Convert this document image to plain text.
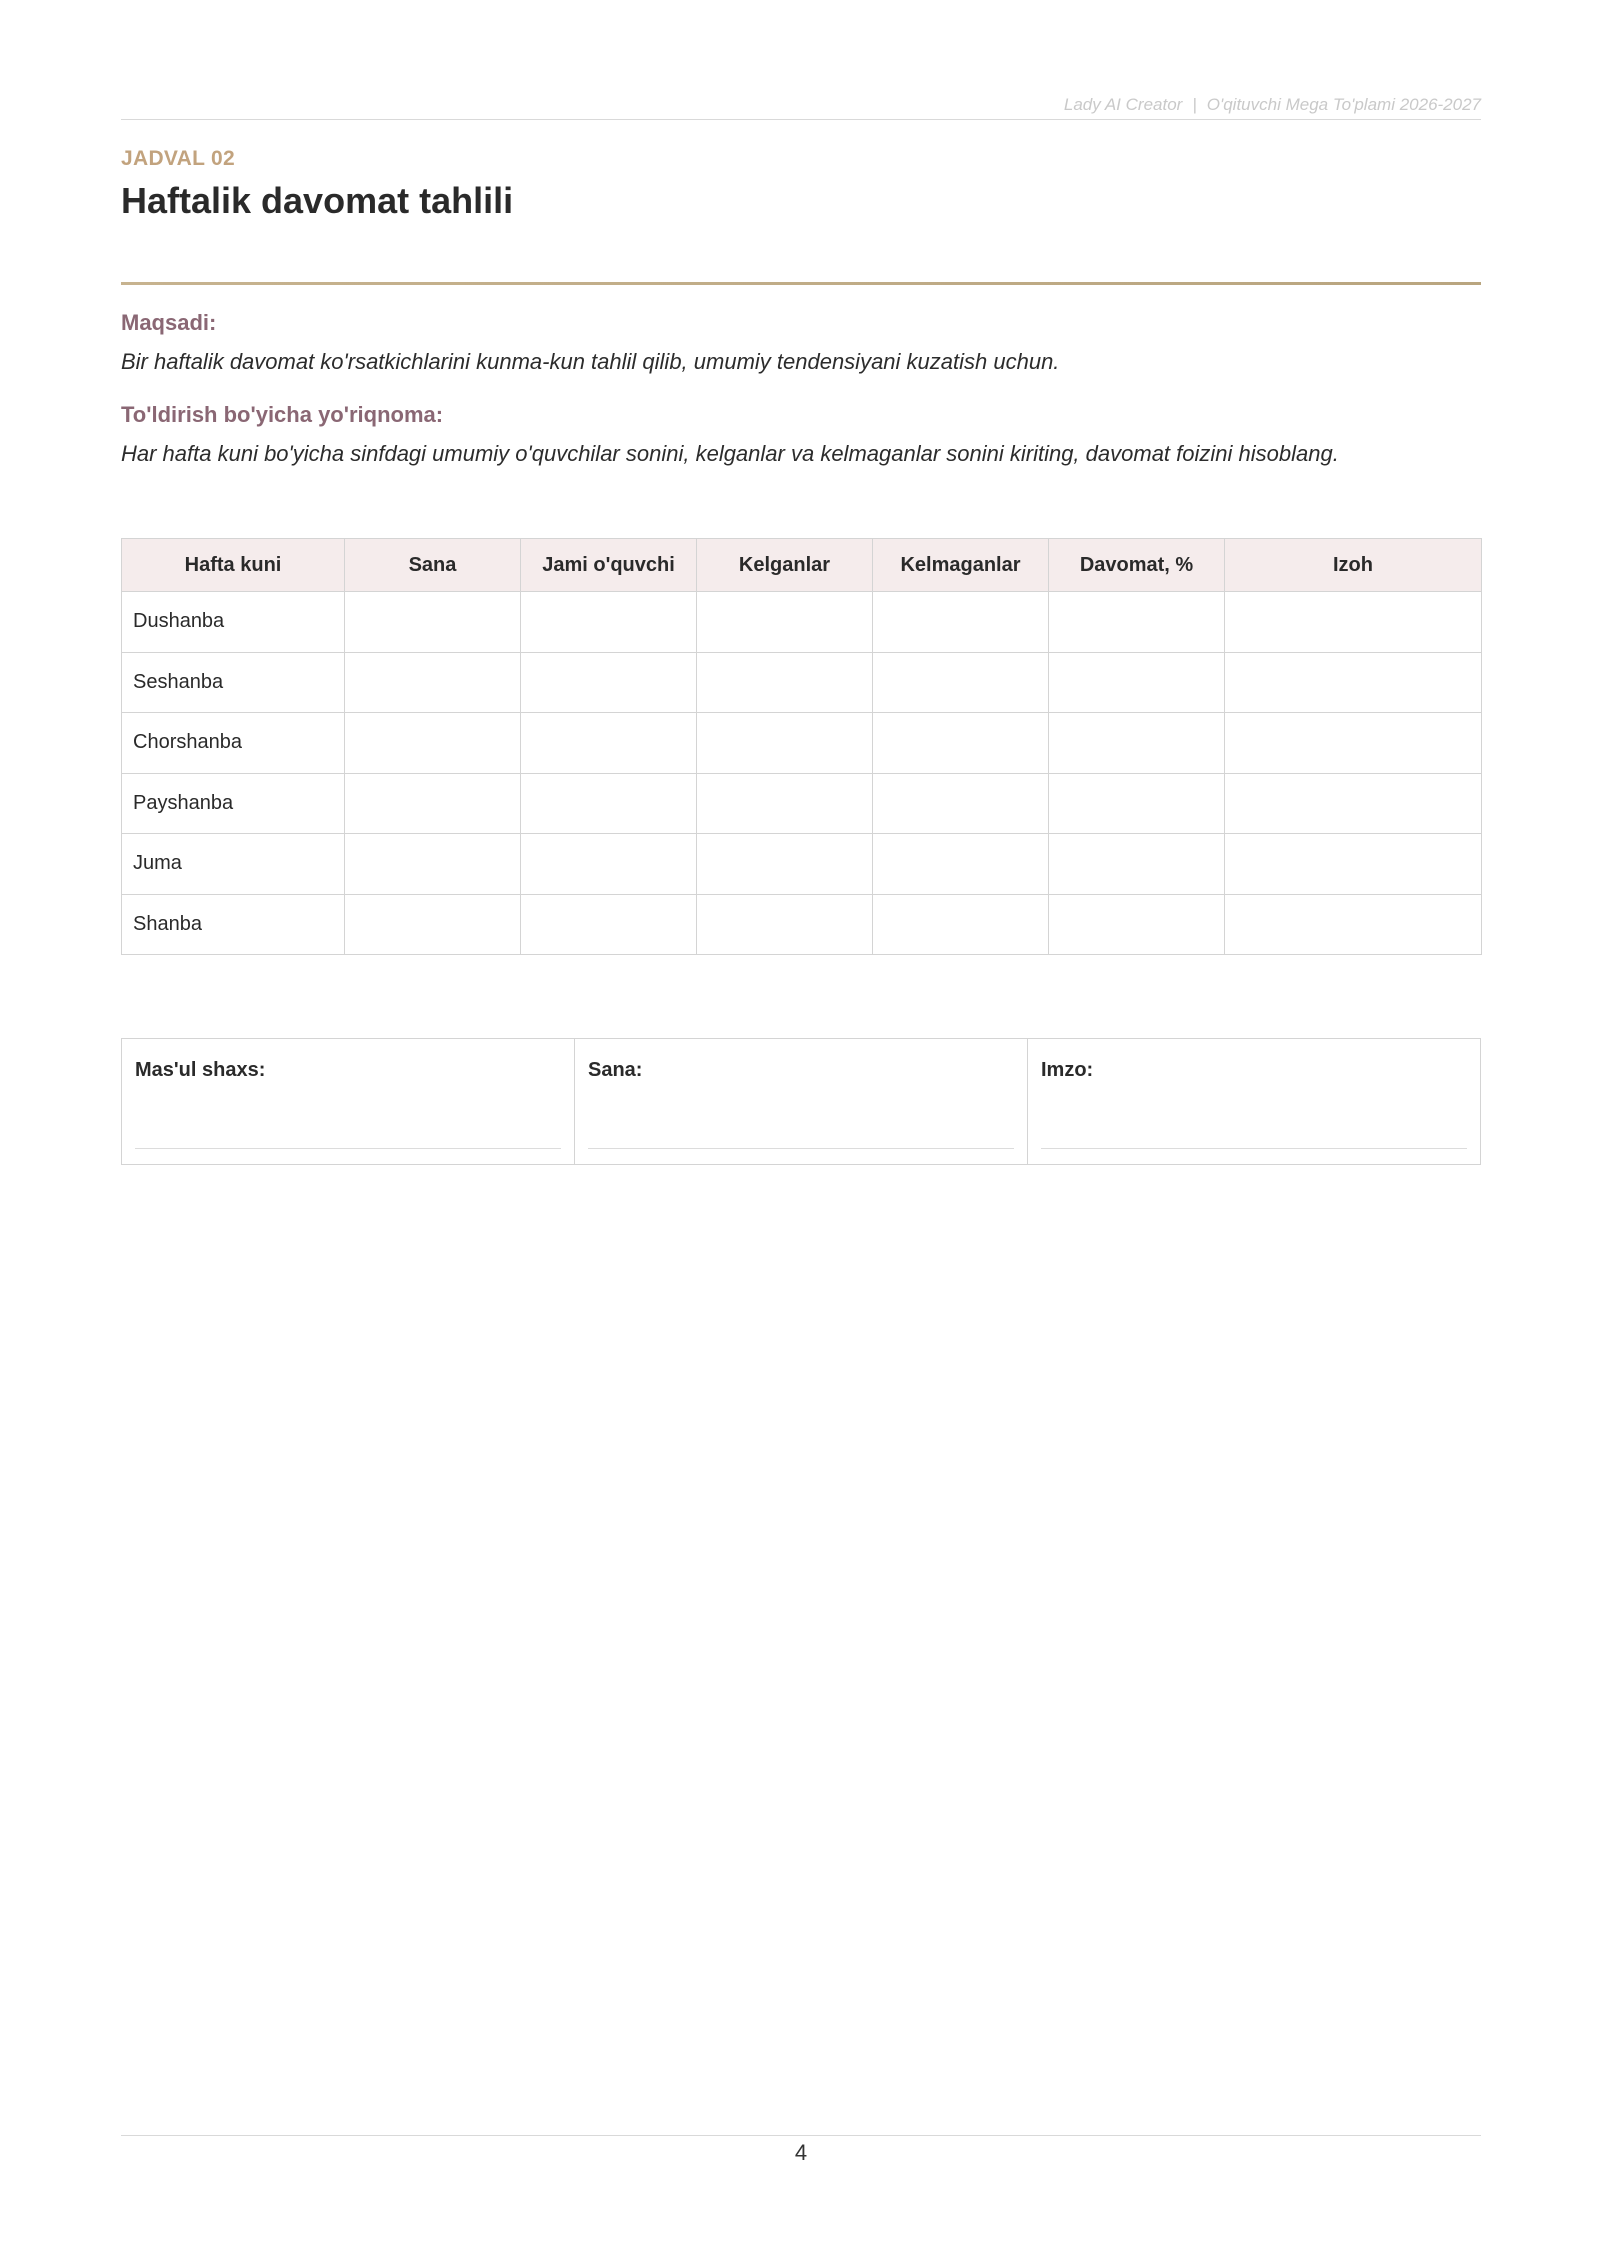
Lady AI Creator | O'qituvchi Mega To'plami 2026-2027
JADVAL 02
Haftalik davomat tahlili
Maqsadi:
Bir haftalik davomat ko'rsatkichlarini kunma-kun tahlil qilib, umumiy tendensiyani kuzatish uchun.
To'ldirish bo'yicha yo'riqnoma:
Har hafta kuni bo'yicha sinfdagi umumiy o'quvchilar sonini, kelganlar va kelmaganlar sonini kiriting, davomat foizini hisoblang.
Hafta kuni	Sana	Jami o'quvchi	Kelganlar	Kelmaganlar	Davomat, %	Izoh
Dushanba						
Seshanba						
Chorshanba						
Payshanba						
Juma						
Shanba						
Mas'ul shaxs:	Sana:	Imzo:
4
